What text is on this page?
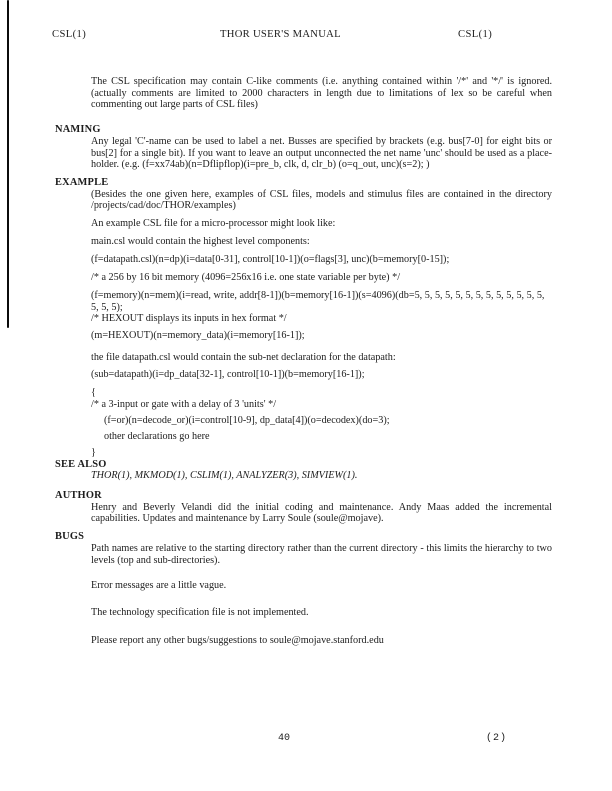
CSL(1)	THOR USER'S MANUAL	CSL(1)
The CSL specification may contain C-like comments (i.e. anything contained within '/*' and '*/' is ignored. (actually comments are limited to 2000 characters in length due to limitations of lex so be careful when commenting out large parts of CSL files)
NAMING
Any legal 'C'-name can be used to label a net. Busses are specified by brackets (e.g. bus[7-0] for eight bits or bus[2] for a single bit). If you want to leave an output unconnected the net name 'unc' should be used as a place-holder. (e.g. (f=xx74ab)(n=Dflipflop)(i=pre_b, clk, d, clr_b) (o=q_out, unc)(s=2); )
EXAMPLE
(Besides the one given here, examples of CSL files, models and stimulus files are contained in the directory /projects/cad/doc/THOR/examples)
An example CSL file for a micro-processor might look like:
main.csl would contain the highest level components:
(f=datapath.csl)(n=dp)(i=data[0-31], control[10-1])(o=flags[3], unc)(b=memory[0-15]);
/* a 256 by 16 bit memory (4096=256x16 i.e. one state variable per byte) */
(f=memory)(n=mem)(i=read, write, addr[8-1])(b=memory[16-1])(s=4096)(db=5, 5, 5, 5, 5, 5, 5, 5, 5, 5, 5, 5, 5, 5, 5, 5);
/* HEXOUT displays its inputs in hex format */
(m=HEXOUT)(n=memory_data)(i=memory[16-1]);
the file datapath.csl would contain the sub-net declaration for the datapath:
(sub=datapath)(i=dp_data[32-1], control[10-1])(b=memory[16-1]);
{
/* a 3-input or gate with a delay of 3 'units' */
(f=or)(n=decode_or)(i=control[10-9], dp_data[4])(o=decodex)(do=3);
other declarations go here
}
SEE ALSO
THOR(1), MKMOD(1), CSLIM(1), ANALYZER(3), SIMVIEW(1).
AUTHOR
Henry and Beverly Velandi did the initial coding and maintenance. Andy Maas added the incremental capabilities. Updates and maintenance by Larry Soule (soule@mojave).
BUGS
Path names are relative to the starting directory rather than the current directory - this limits the hierarchy to two levels (top and sub-directories).
Error messages are a little vague.
The technology specification file is not implemented.
Please report any other bugs/suggestions to soule@mojave.stanford.edu
40	(2)
